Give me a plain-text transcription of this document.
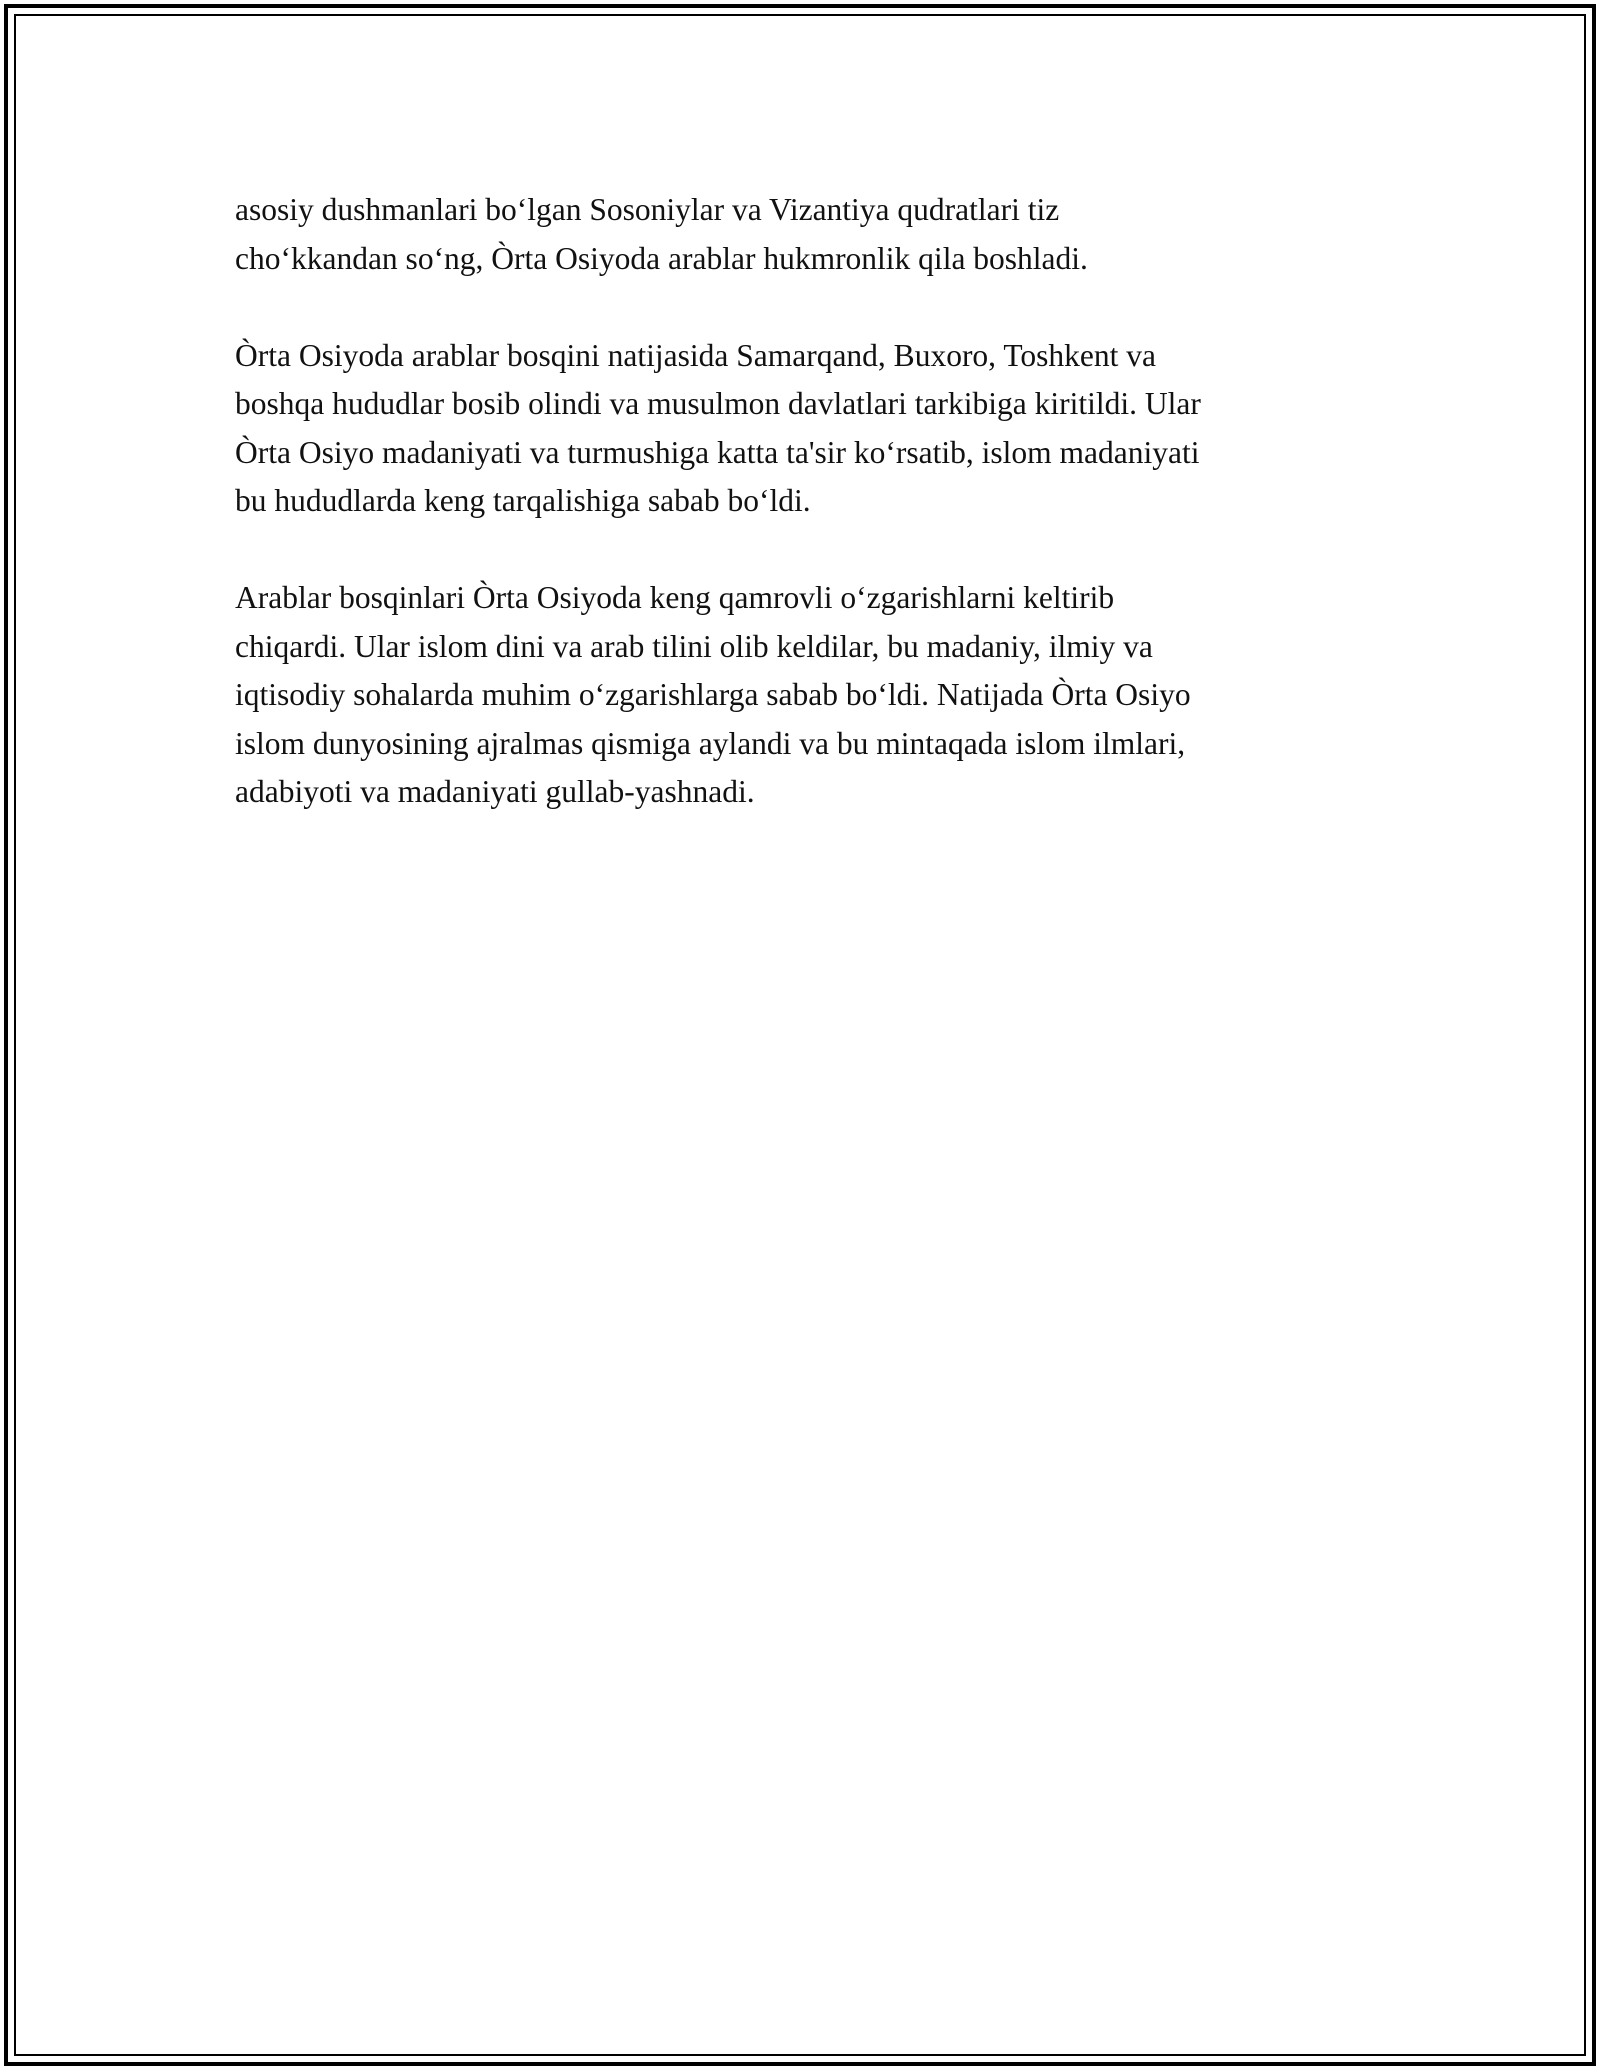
asosiy dushmanlari bo‘lgan Sosoniylar va Vizantiya qudratlari tiz
cho‘kkandan so‘ng, Òrta Osiyoda arablar hukmronlik qila boshladi.

Òrta Osiyoda arablar bosqini natijasida Samarqand, Buxoro, Toshkent va
boshqa hududlar bosib olindi va musulmon davlatlari tarkibiga kiritildi. Ular
Òrta Osiyo madaniyati va turmushiga katta ta'sir ko‘rsatib, islom madaniyati
bu hududlarda keng tarqalishiga sabab bo‘ldi.

Arablar bosqinlari Òrta Osiyoda keng qamrovli o‘zgarishlarni keltirib
chiqardi. Ular islom dini va arab tilini olib keldilar, bu madaniy, ilmiy va
iqtisodiy sohalarda muhim o‘zgarishlarga sabab bo‘ldi. Natijada Òrta Osiyo
islom dunyosining ajralmas qismiga aylandi va bu mintaqada islom ilmlari,
adabiyoti va madaniyati gullab-yashnadi.
